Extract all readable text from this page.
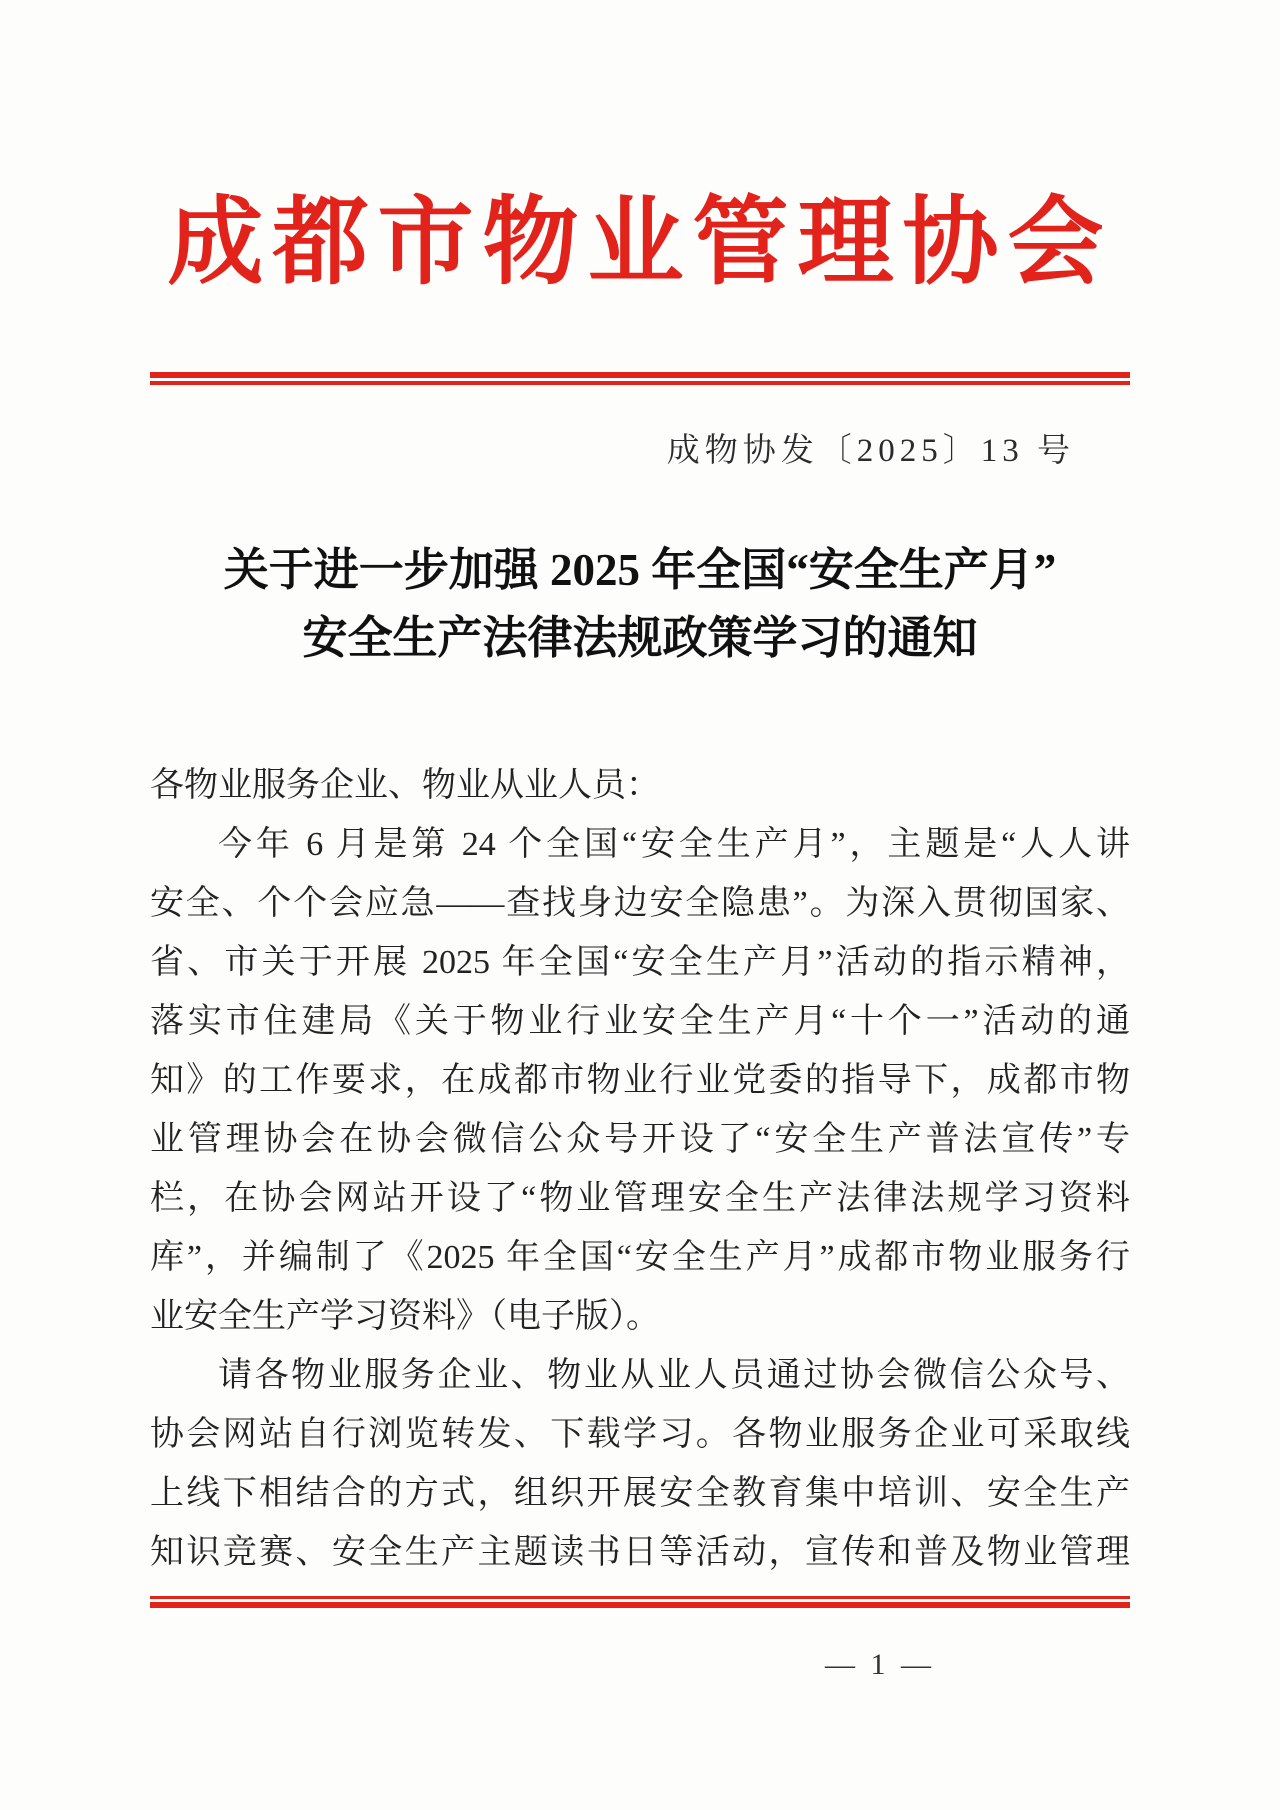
成都市物业管理协会
成物协发〔2025〕13 号
关于进一步加强 2025 年全国“安全生产月”
安全生产法律法规政策学习的通知
各物业服务企业、物业从业人员：
今年 6 月是第 24 个全国“安全生产月”，主题是“人人讲
安全、个个会应急——查找身边安全隐患”。为深入贯彻国家、
省、市关于开展 2025 年全国“安全生产月”活动的指示精神，
落实市住建局《关于物业行业安全生产月“十个一”活动的通
知》的工作要求，在成都市物业行业党委的指导下，成都市物
业管理协会在协会微信公众号开设了“安全生产普法宣传”专
栏，在协会网站开设了“物业管理安全生产法律法规学习资料
库”，并编制了《2025 年全国“安全生产月”成都市物业服务行
业安全生产学习资料》（电子版）。
请各物业服务企业、物业从业人员通过协会微信公众号、
协会网站自行浏览转发、下载学习。各物业服务企业可采取线
上线下相结合的方式，组织开展安全教育集中培训、安全生产
知识竞赛、安全生产主题读书日等活动，宣传和普及物业管理
— 1 —
